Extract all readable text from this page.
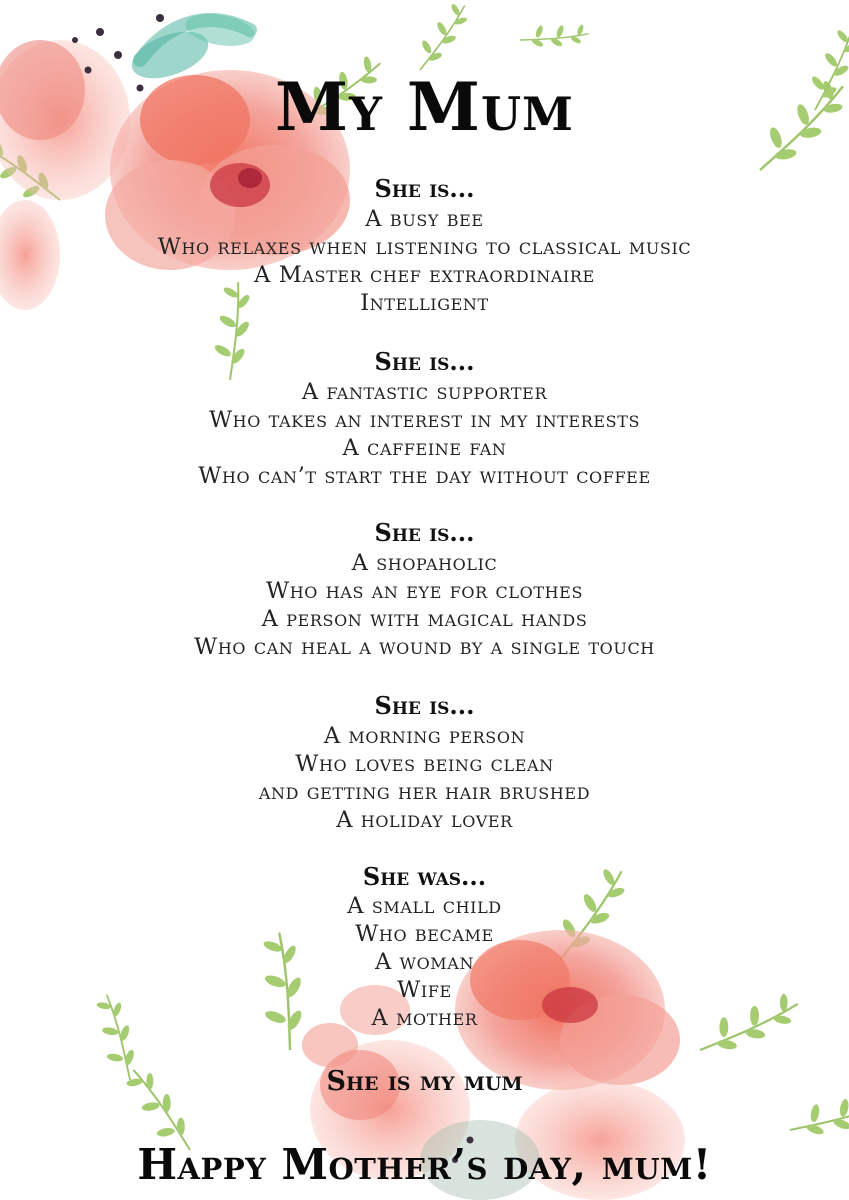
My Mum
She is...
A busy bee
Who relaxes when listening to classical music
A Master chef extraordinaire
Intelligent
She is...
A fantastic supporter
Who takes an interest in my interests
A caffeine fan
Who can’t start the day without coffee
She is...
A shopaholic
Who has an eye for clothes
A person with magical hands
Who can heal a wound by a single touch
She is...
A morning person
Who loves being clean
and getting her hair brushed
A holiday lover
She was...
A small child
Who became
A woman
Wife
A mother
She is my mum
Happy Mother’s day, mum!
